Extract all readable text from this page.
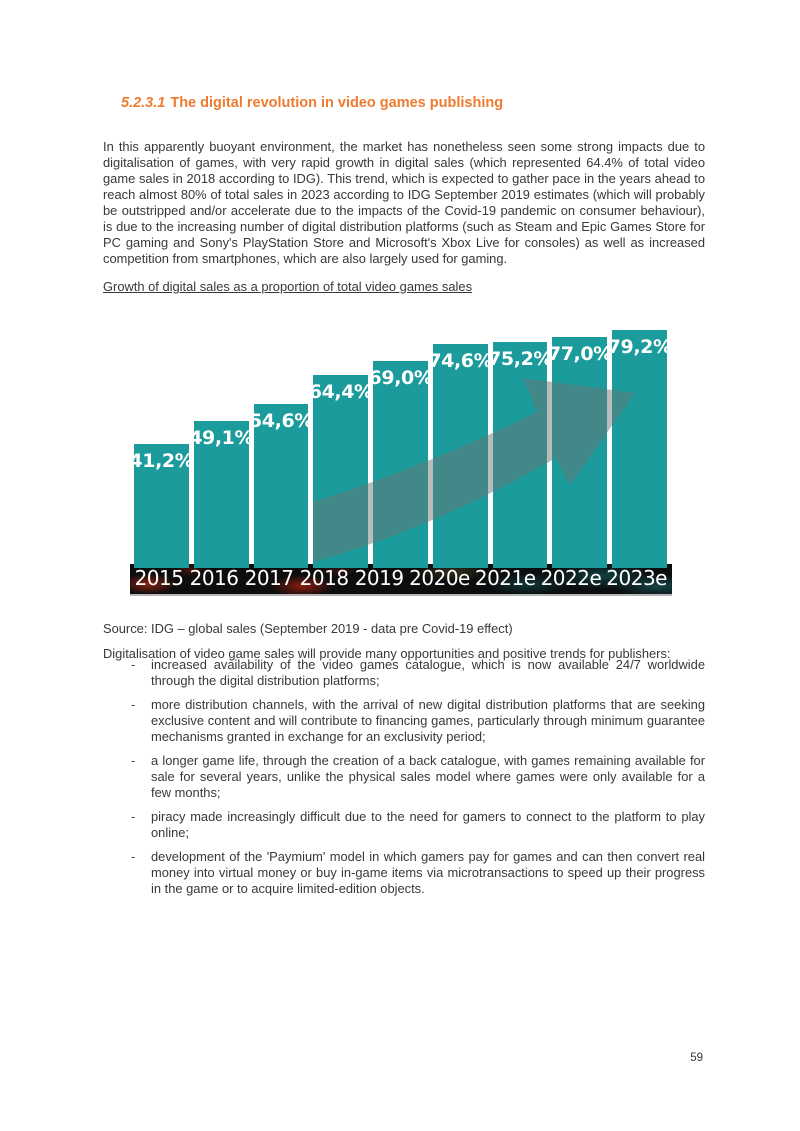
5.2.3.1 The digital revolution in video games publishing

In this apparently buoyant environment, the market has nonetheless seen some strong impacts due to digitalisation of games, with very rapid growth in digital sales (which represented 64.4% of total video game sales in 2018 according to IDG). This trend, which is expected to gather pace in the years ahead to reach almost 80% of total sales in 2023 according to IDG September 2019 estimates (which will probably be outstripped and/or accelerate due to the impacts of the Covid-19 pandemic on consumer behaviour), is due to the increasing number of digital distribution platforms (such as Steam and Epic Games Store for PC gaming and Sony's PlayStation Store and Microsoft's Xbox Live for consoles) as well as increased competition from smartphones, which are also largely used for gaming.

Growth of digital sales as a proportion of total video games sales
41,2%
49,1%
54,6%
64,4%
69,0%
74,6%
75,2%
77,0%
79,2%
2015 2016 2017 2018 2019 2020e 2021e 2022e 2023e

Source: IDG – global sales (September 2019 - data pre Covid-19 effect)

Digitalisation of video game sales will provide many opportunities and positive trends for publishers:

- increased availability of the video games catalogue, which is now available 24/7 worldwide through the digital distribution platforms;
- more distribution channels, with the arrival of new digital distribution platforms that are seeking exclusive content and will contribute to financing games, particularly through minimum guarantee mechanisms granted in exchange for an exclusivity period;
- a longer game life, through the creation of a back catalogue, with games remaining available for sale for several years, unlike the physical sales model where games were only available for a few months;
- piracy made increasingly difficult due to the need for gamers to connect to the platform to play online;
- development of the 'Paymium' model in which gamers pay for games and can then convert real money into virtual money or buy in-game items via microtransactions to speed up their progress in the game or to acquire limited-edition objects.
59
